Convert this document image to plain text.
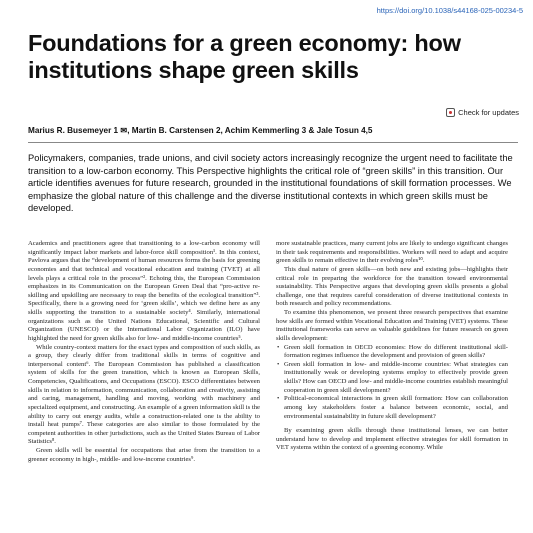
https://doi.org/10.1038/s44168-025-00234-5
Foundations for a green economy: how institutions shape green skills
Check for updates
Marius R. Busemeyer 1 ✉, Martin B. Carstensen 2, Achim Kemmerling 3 & Jale Tosun 4,5
Policymakers, companies, trade unions, and civil society actors increasingly recognize the urgent need to facilitate the transition to a low-carbon economy. This Perspective highlights the critical role of “green skills” in this transition. Our article identifies avenues for future research, grounded in the institutional foundations of skill formation processes. We emphasize the global nature of this challenge and the diverse institutional contexts in which green skills must be developed.

Academics and practitioners agree that transitioning to a low-carbon economy will significantly impact labor markets and labor-force skill composition¹. In this context, Pavlova argues that the “development of human resources forms the basis for greening economies and that technical and vocational education and training (TVET) at all levels plays a critical role in the process”². Echoing this, the European Commission emphasizes in its Communication on the European Green Deal that “pro-active re-skilling and upskilling are necessary to reap the benefits of the ecological transition”³. Specifically, there is a growing need for ‘green skills’, which we define here as any skills supporting the transition to a sustainable society⁴. Similarly, international organizations such as the United Nations Educational, Scientific and Cultural Organization (UNESCO) or the International Labor Organization (ILO) have highlighted the need for green skills also for low- and middle-income countries⁵.

While country-context matters for the exact types and composition of such skills, as a group, they clearly differ from traditional skills in terms of cognitive and interpersonal content⁶. The European Commission has published a classification system of skills for the green transition, which is known as European Skills, Competencies, Qualifications, and Occupations (ESCO). ESCO differentiates between skills in relation to information, communication, collaboration and creativity, assisting and caring, management, handling and moving, working with machinery and specialized equipment, and constructing. An example of a green information skill is the ability to carry out energy audits, while a construction-related one is the ability to install heat pumps⁷. These categories are also similar to those formulated by the competent authorities in other jurisdictions, such as the United States Bureau of Labor Statistics⁸.

Green skills will be essential for occupations that arise from the transition to a greener economy in high-, middle- and low-income countries⁹.

more sustainable practices, many current jobs are likely to undergo significant changes in their task requirements and responsibilities. Workers will need to adapt and acquire green skills to remain effective in their evolving roles¹⁰.

This dual nature of green skills—on both new and existing jobs—highlights their critical role in preparing the workforce for the transition toward environmental sustainability. This Perspective argues that developing green skills presents a global challenge, one that requires careful consideration of diverse institutional contexts in both research and policy recommendations.

To examine this phenomenon, we present three research perspectives that examine how skills are formed within Vocational Education and Training (VET) systems. These institutional frameworks can serve as valuable guidelines for future research on green skills development:

• Green skill formation in OECD economies: How do different institutional skill-formation regimes influence the development and provision of green skills?
• Green skill formation in low- and middle-income countries: What strategies can institutionally weak or developing systems employ to effectively provide green skills? How can OECD and low- and middle-income countries establish meaningful cooperation in green skill development?
• Political-economical interactions in green skill formation: How can collaboration among key stakeholders foster a balance between economic, social, and environmental sustainability in future skill development?

By examining green skills through these institutional lenses, we can better understand how to develop and implement effective strategies for skill formation in VET systems within the context of a greening economy. While
